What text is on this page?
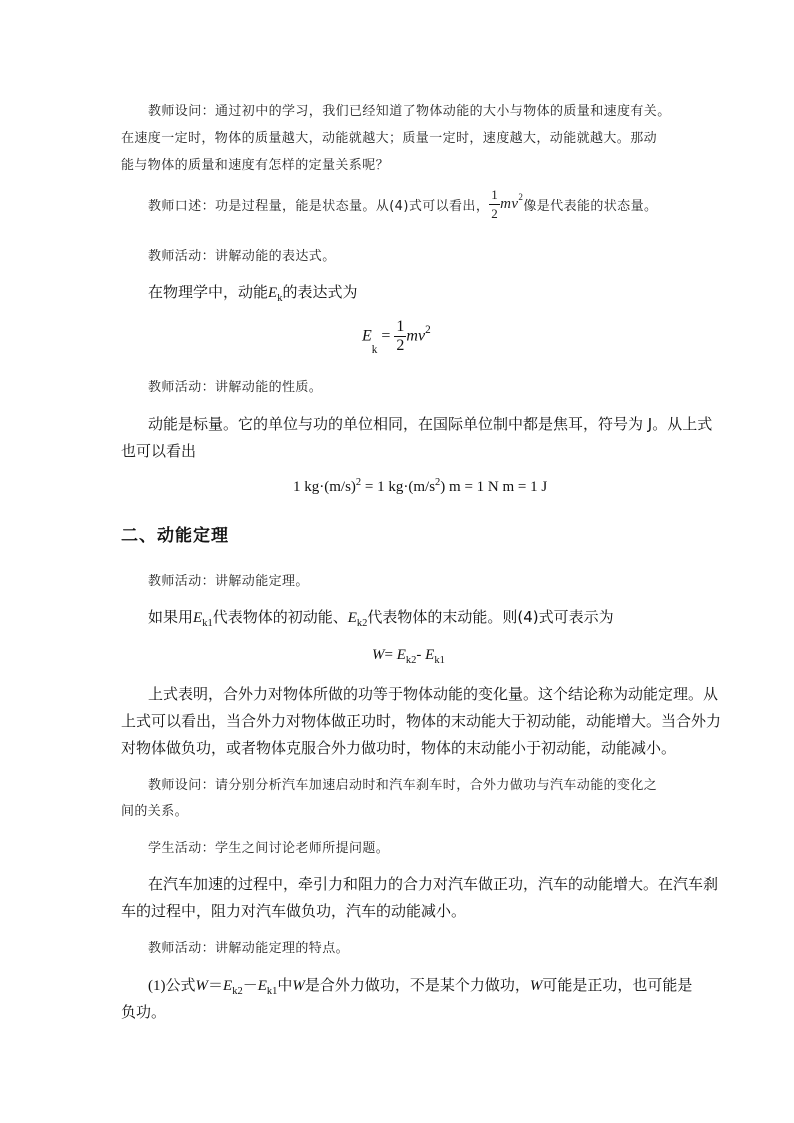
教师设问：通过初中的学习，我们已经知道了物体动能的大小与物体的质量和速度有关。
在速度一定时，物体的质量越大，动能就越大；质量一定时，速度越大，动能就越大。那动
能与物体的质量和速度有怎样的定量关系呢？
教师口述：功是过程量，能是状态量。从(4)式可以看出， $\frac{1}{2} mv^2$像是代表能的状态量。
教师活动：讲解动能的表达式。
在物理学中，动能$E_k$的表达式为
$E_k = \frac{1}{2} mv^2$
教师活动：讲解动能的性质。
动能是标量。它的单位与功的单位相同，在国际单位制中都是焦耳，符号为 J。从上式
也可以看出
1 $kg\cdot(m/s)^2 = 1$ $kg\cdot(m/s^2) m = 1$ N m = 1 J
二、动能定理
教师活动：讲解动能定理。
如果用$E_{k1}$代表物体的初动能、$E_{k2}$代表物体的末动能。则(4)式可表示为
$W= E_{k2}-$ $E_{k1}$
上式表明，合外力对物体所做的功等于物体动能的变化量。这个结论称为动能定理。从
上式可以看出，当合外力对物体做正功时，物体的末动能大于初动能，动能增大。当合外力
对物体做负功，或者物体克服合外力做功时，物体的末动能小于初动能，动能减小。
教师设问：请分别分析汽车加速启动时和汽车刹车时，合外力做功与汽车动能的变化之
间的关系。
学生活动：学生之间讨论老师所提问题。
在汽车加速的过程中，牵引力和阻力的合力对汽车做正功，汽车的动能增大。在汽车刹
车的过程中，阻力对汽车做负功，汽车的动能减小。
教师活动：讲解动能定理的特点。
(1)公式$W=E_{k2}-E_{k1}$中W是合外力做功，不是某个力做功，W可能是正功，也可能是
负功。
